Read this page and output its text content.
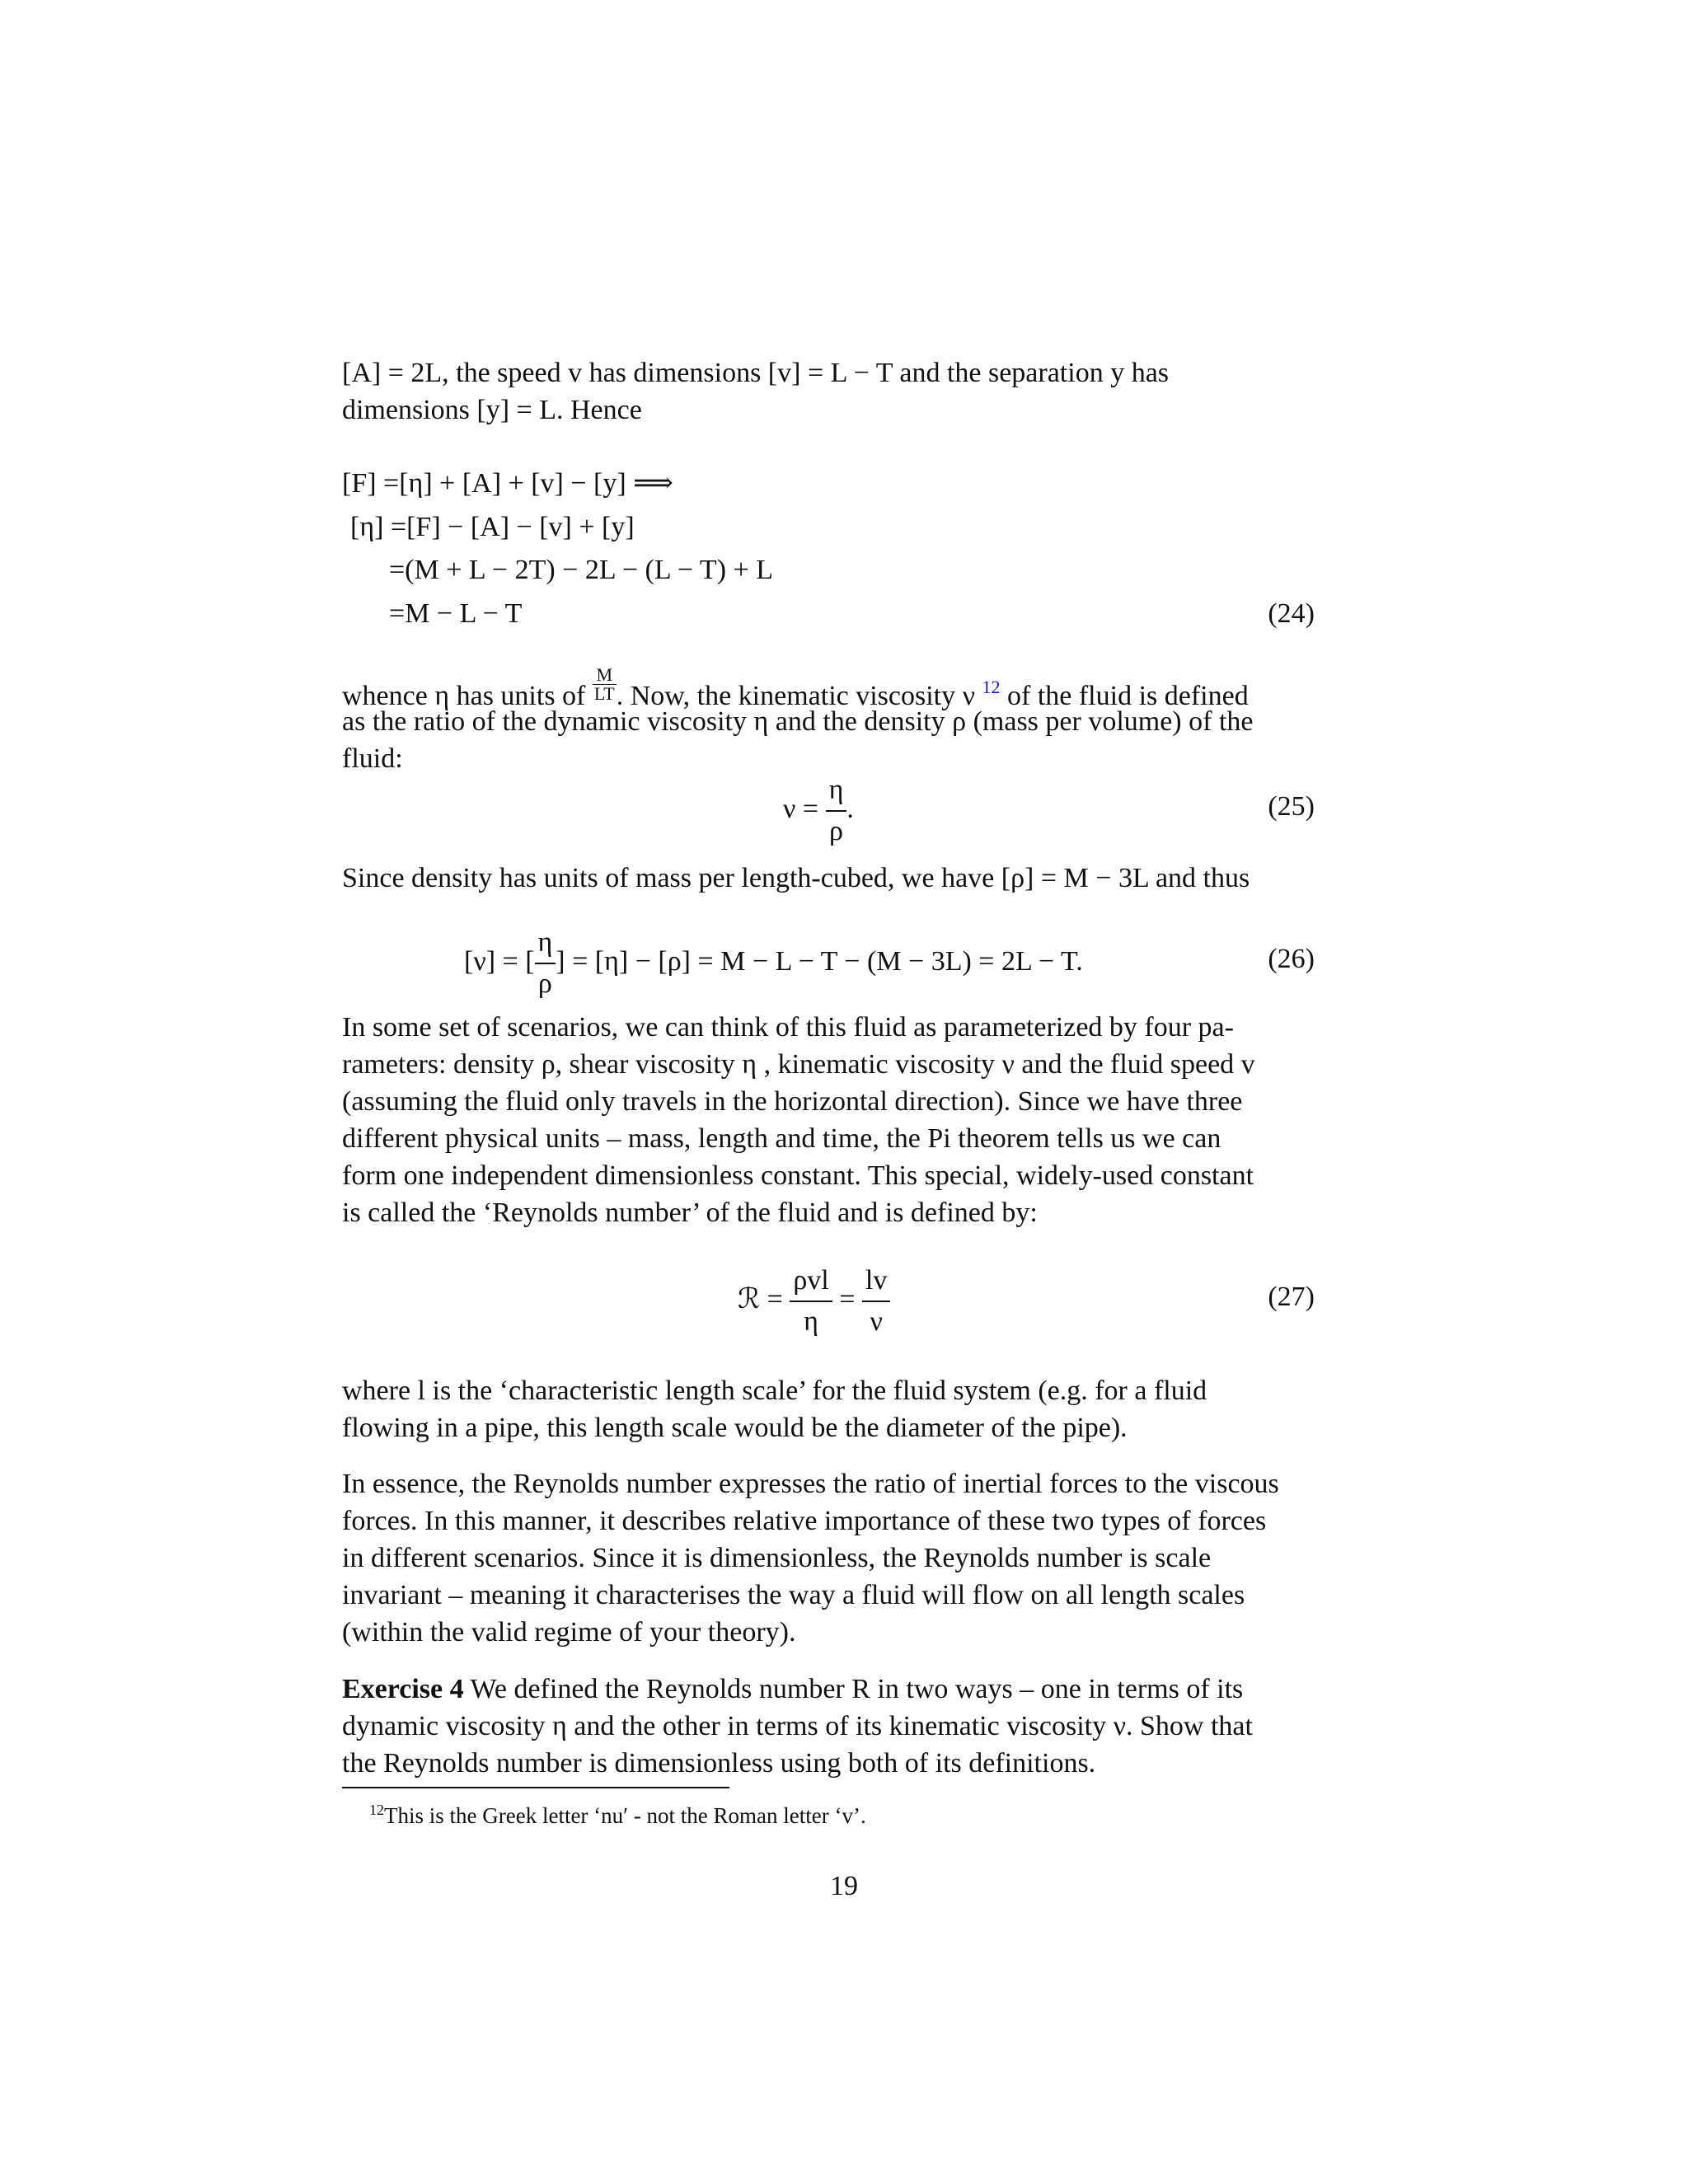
[A] = 2L, the speed v has dimensions [v] = L − T and the separation y has

dimensions [y] = L. Hence

[F] =[η] + [A] + [v] − [y] ⟹
[η] =[F] − [A] − [v] + [y]
=(M + L − 2T) − 2L − (L − T) + L
=M − L − T	(24)
whence η has units of $\frac{M}{LT}$ . Now, the kinematic viscosity ν $^{12}$ of the fluid is defined

as the ratio of the dynamic viscosity η and the density ρ (mass per volume) of the

fluid:

$\nu = \frac{\eta}{\rho}$ .	(25)

Since density has units of mass per length-cubed, we have [ρ] = M − 3L and thus

[ν] = [ $\frac{\eta}{\rho}$ ] = [η] − [ρ] = M − L − T − (M − 3L) = 2L − T.	(26)

In some set of scenarios, we can think of this fluid as parameterized by four pa-

rameters: density ρ, shear viscosity η , kinematic viscosity ν and the fluid speed v

(assuming the fluid only travels in the horizontal direction). Since we have three

different physical units – mass, length and time, the Pi theorem tells us we can

form one independent dimensionless constant. This special, widely-used constant

is called the ‘Reynolds number’ of the fluid and is defined by:

ℛ = $\frac{\text{ρvl}}{\eta} = \frac{lv}{\nu}$	(27)

where l is the ‘characteristic length scale’ for the fluid system (e.g. for a fluid

flowing in a pipe, this length scale would be the diameter of the pipe).

In essence, the Reynolds number expresses the ratio of inertial forces to the viscous

forces. In this manner, it describes relative importance of these two types of forces

in different scenarios. Since it is dimensionless, the Reynolds number is scale

invariant – meaning it characterises the way a fluid will flow on all length scales

(within the valid regime of your theory).

Exercise 4 We defined the Reynolds number R in two ways – one in terms of its

dynamic viscosity η and the other in terms of its kinematic viscosity ν. Show that

the Reynolds number is dimensionless using both of its definitions.

$^{12}$This is the Greek letter ‘nu′ - not the Roman letter ‘v’.
19
